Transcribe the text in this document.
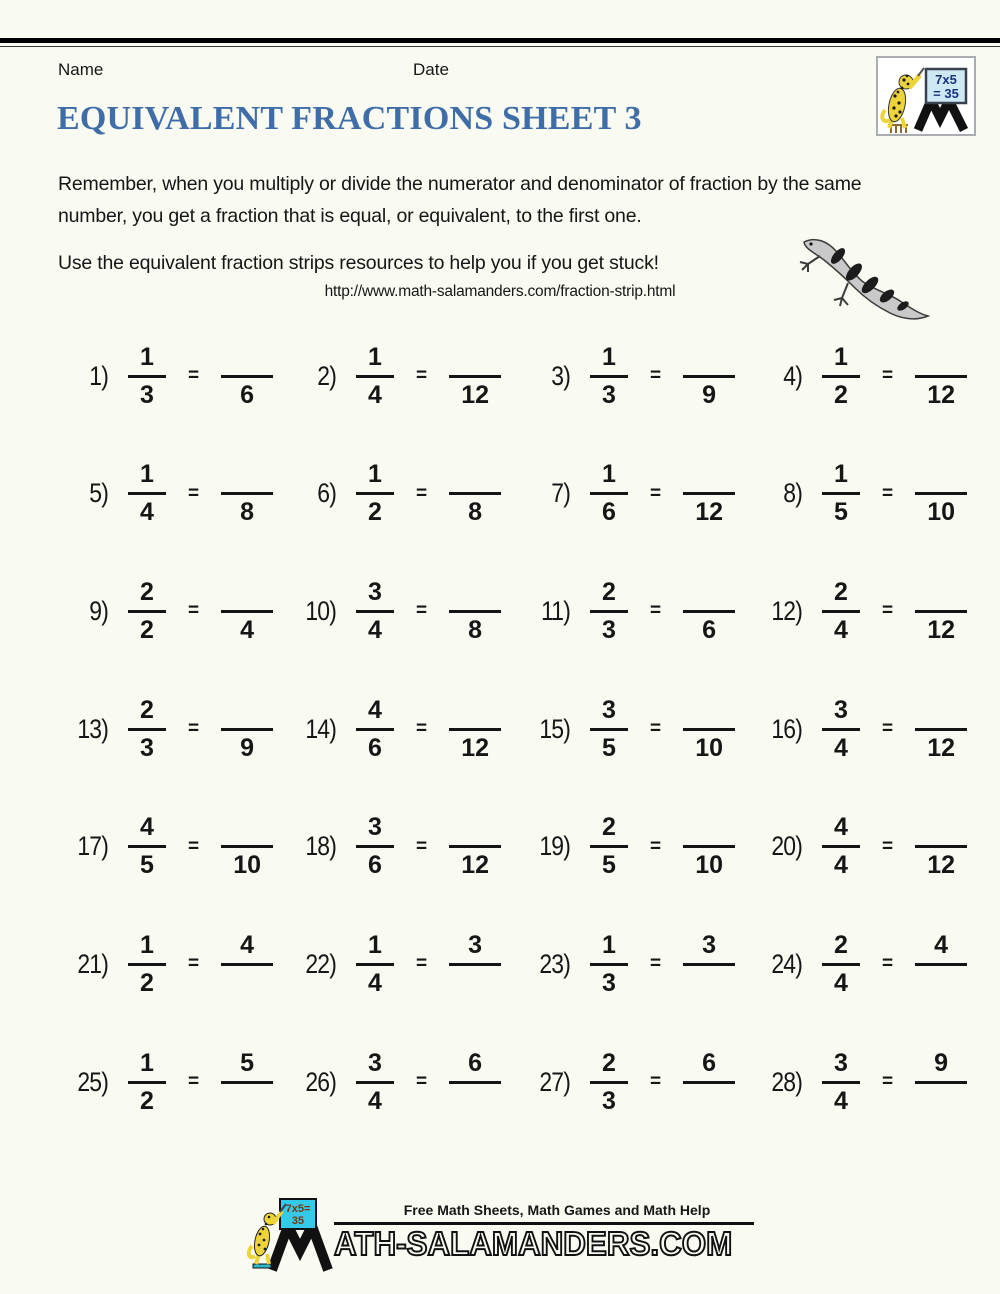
Name	Date
7x5
= 35
EQUIVALENT FRACTIONS SHEET 3

Remember, when you multiply or divide the numerator and denominator of fraction by the same number, you get a fraction that is equal, or equivalent, to the first one.

Use the equivalent fraction strips resources to help you if you get stuck!

http://www.math-salamanders.com/fraction-strip.html

$1) \frac{1}{3}$ =
6
$2) \frac{1}{4}$ =
12
$3) \frac{1}{3}$ =
9
$4) \frac{1}{2}$ =
12
$5) \frac{1}{4}$ =
8
$6) \frac{1}{2}$ =
8
$7) \frac{1}{6}$ =
12
$8) \frac{1}{5}$ =
10
$9) \frac{2}{2}$ =
4
$10) \frac{3}{4}$ =
8
$11) \frac{2}{3}$ =
6
$12) \frac{2}{4}$ =
12
$13) \frac{2}{3}$ =
9
$14) \frac{4}{6}$ =
12
$15) \frac{3}{5}$ =
10
$16) \frac{3}{4}$ =
12
$17) \frac{4}{5}$ =
10
$18) \frac{3}{6}$ =
12
$19) \frac{2}{5}$ =
10
$20) \frac{4}{4}$ =
12
$21) \frac{1}{2}$ =
4
$22) \frac{1}{4}$ =
3
$23) \frac{1}{3}$ =
3
$24) \frac{2}{4}$ =
4
$25) \frac{1}{2}$ =
5
$26) \frac{3}{4}$ =
6
$27) \frac{2}{3}$ =
6
$28) \frac{3}{4}$ =
9
7x5=
35
Free Math Sheets, Math Games and Math Help
ATH-SALAMANDERS.COM
